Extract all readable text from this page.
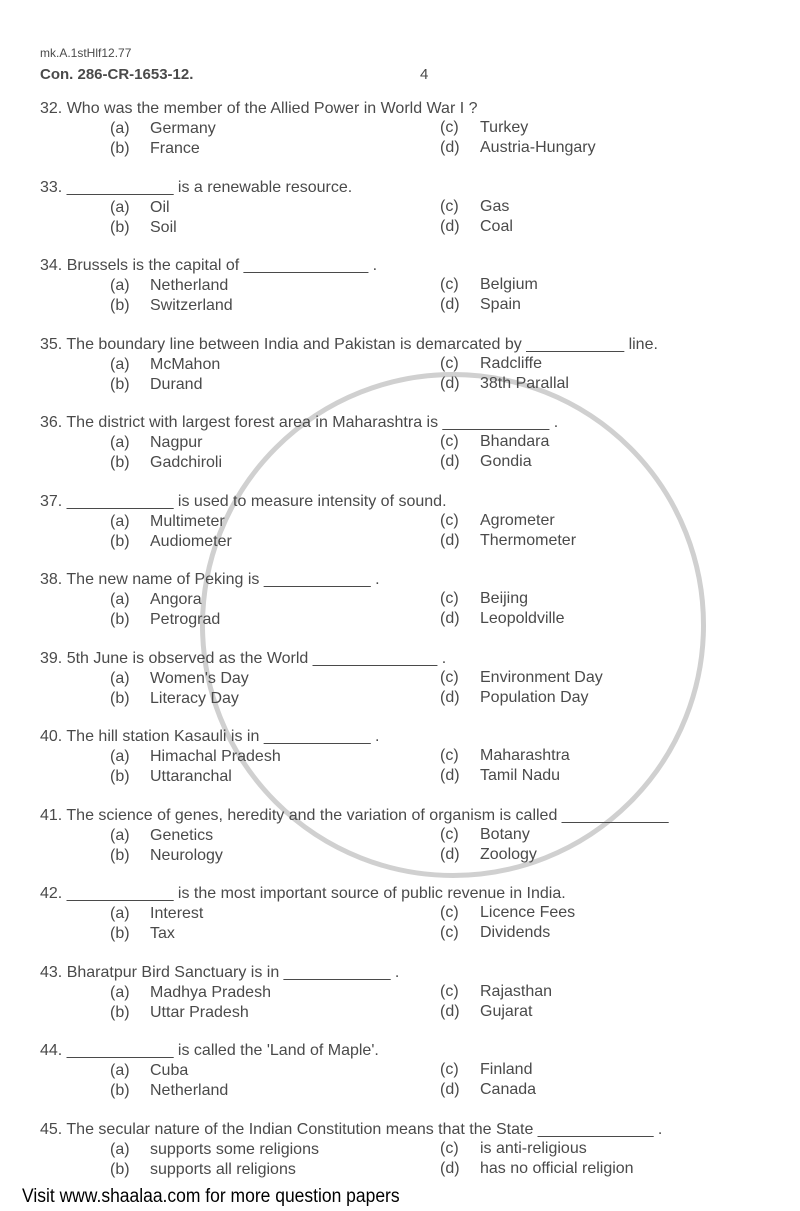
mk.A.1stHlf12.77
Con. 286-CR-1653-12.	4
32. Who was the member of the Allied Power in World War I ?
(a) Germany
(b) France
(c) Turkey
(d) Austria-Hungary
33. ____________ is a renewable resource.
(a) Oil
(b) Soil
(c) Gas
(d) Coal
34. Brussels is the capital of ______________ .
(a) Netherland
(b) Switzerland
(c) Belgium
(d) Spain
35. The boundary line between India and Pakistan is demarcated by ___________ line.
(a) McMahon
(b) Durand
(c) Radcliffe
(d) 38th Parallal
36. The district with largest forest area in Maharashtra is ____________ .
(a) Nagpur
(b) Gadchiroli
(c) Bhandara
(d) Gondia
37. ____________ is used to measure intensity of sound.
(a) Multimeter
(b) Audiometer
(c) Agrometer
(d) Thermometer
38. The new name of Peking is ____________ .
(a) Angora
(b) Petrograd
(c) Beijing
(d) Leopoldville
39. 5th June is observed as the World ______________ .
(a) Women's Day
(b) Literacy Day
(c) Environment Day
(d) Population Day
40. The hill station Kasauli is in ____________ .
(a) Himachal Pradesh
(b) Uttaranchal
(c) Maharashtra
(d) Tamil Nadu
41. The science of genes, heredity and the variation of organism is called ____________
(a) Genetics
(b) Neurology
(c) Botany
(d) Zoology
42. ____________ is the most important source of public revenue in India.
(a) Interest
(b) Tax
(c) Licence Fees
(c) Dividends
43. Bharatpur Bird Sanctuary is in ____________ .
(a) Madhya Pradesh
(b) Uttar Pradesh
(c) Rajasthan
(d) Gujarat
44. ____________ is called the 'Land of Maple'.
(a) Cuba
(b) Netherland
(c) Finland
(d) Canada
45. The secular nature of the Indian Constitution means that the State _____________ .
(a) supports some religions
(b) supports all religions
(c) is anti-religious
(d) has no official religion
Visit www.shaalaa.com for more question papers
